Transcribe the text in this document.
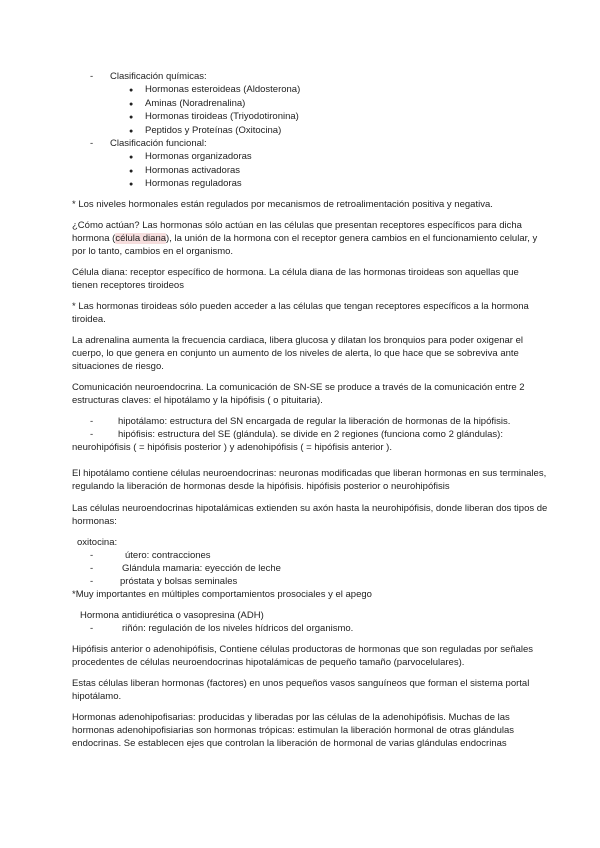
- Clasificación químicas:
● Hormonas esteroideas (Aldosterona)
● Aminas (Noradrenalina)
● Hormonas tiroideas (Triyodotironina)
● Peptidos y Proteínas (Oxitocina)
- Clasificación funcional:
● Hormonas organizadoras
● Hormonas activadoras
● Hormonas reguladoras
* Los niveles hormonales están regulados por mecanismos de retroalimentación positiva y negativa.
¿Cómo actúan? Las hormonas sólo actúan en las células que presentan receptores específicos para dicha
hormona (célula diana), la unión de la hormona con el receptor genera cambios en el funcionamiento celular, y
por lo tanto, cambios en el organismo.
Célula diana: receptor específico de hormona. La célula diana de las hormonas tiroideas son aquellas que
tienen receptores tiroideos
* Las hormonas tiroideas sólo pueden acceder a las células que tengan receptores específicos a la hormona
tiroidea.
La adrenalina aumenta la frecuencia cardiaca, libera glucosa y dilatan los bronquios para poder oxigenar el
cuerpo, lo que genera en conjunto un aumento de los niveles de alerta, lo que hace que se sobreviva ante
situaciones de riesgo.
Comunicación neuroendocrina. La comunicación de SN-SE se produce a través de la comunicación entre 2
estructuras claves: el hipotálamo y la hipófisis ( o pituitaria).
-	hipotálamo: estructura del SN encargada de regular la liberación de hormonas de la hipófisis.
-	hipófisis: estructura del SE (glándula). se divide en 2 regiones (funciona como 2 glándulas):
neurohipófisis ( = hipófisis posterior ) y adenohipófisis ( = hipófisis anterior ).
El hipotálamo contiene células neuroendocrinas: neuronas modificadas que liberan hormonas en sus terminales,
regulando la liberación de hormonas desde la hipófisis. hipófisis posterior o neurohipófisis
Las células neuroendocrinas hipotalámicas extienden su axón hasta la neurohipófisis, donde liberan dos tipos de
hormonas:
oxitocina:
-	útero: contracciones
-	Glándula mamaria: eyección de leche
-	próstata y bolsas seminales
*Muy importantes en múltiples comportamientos prosociales y el apego
Hormona antidiurética o vasopresina (ADH)
-	riñón: regulación de los niveles hídricos del organismo.
Hipófisis anterior o adenohipófisis, Contiene células productoras de hormonas que son reguladas por señales
procedentes de células neuroendocrinas hipotalámicas de pequeño tamaño (parvocelulares).
Estas células liberan hormonas (factores) en unos pequeños vasos sanguíneos que forman el sistema portal
hipotálamo.
Hormonas adenohipofisarias: producidas y liberadas por las células de la adenohipófisis. Muchas de las
hormonas adenohipofisiarias son hormonas trópicas: estimulan la liberación hormonal de otras glándulas
endocrinas. Se establecen ejes que controlan la liberación de hormonal de varias glándulas endocrinas
